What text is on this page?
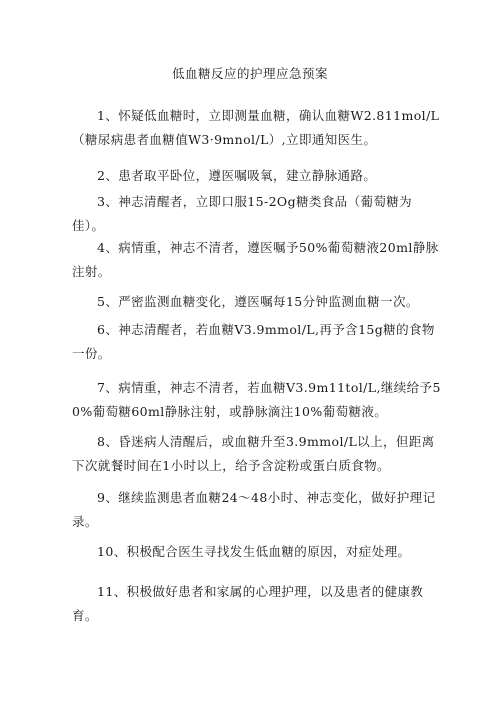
低血糖反应的护理应急预案

1、怀疑低血糖时，立即测量血糖，确认血糖W2.811mol/L（糖尿病患者血糖值W3·9mnol/L）,立即通知医生。

2、患者取平卧位，遵医嘱吸氧，建立静脉通路。

3、神志清醒者，立即口服15-2Og糖类食品（葡萄糖为佳）。

4、病情重，神志不清者，遵医嘱予50%葡萄糖液20ml静脉注射。

5、严密监测血糖变化，遵医嘱每15分钟监测血糖一次。

6、神志清醒者，若血糖V3.9mmol/L,再予含15g糖的食物一份。

7、病情重，神志不清者，若血糖V3.9m11tol/L,继续给予50%葡萄糖60ml静脉注射，或静脉滴注10%葡萄糖液。

8、昏迷病人清醒后，或血糖升至3.9mmol/L以上，但距离下次就餐时间在1小时以上，给予含淀粉或蛋白质食物。

9、继续监测患者血糖24～48小时、神志变化，做好护理记录。

10、积极配合医生寻找发生低血糖的原因，对症处理。

11、积极做好患者和家属的心理护理，以及患者的健康教育。
